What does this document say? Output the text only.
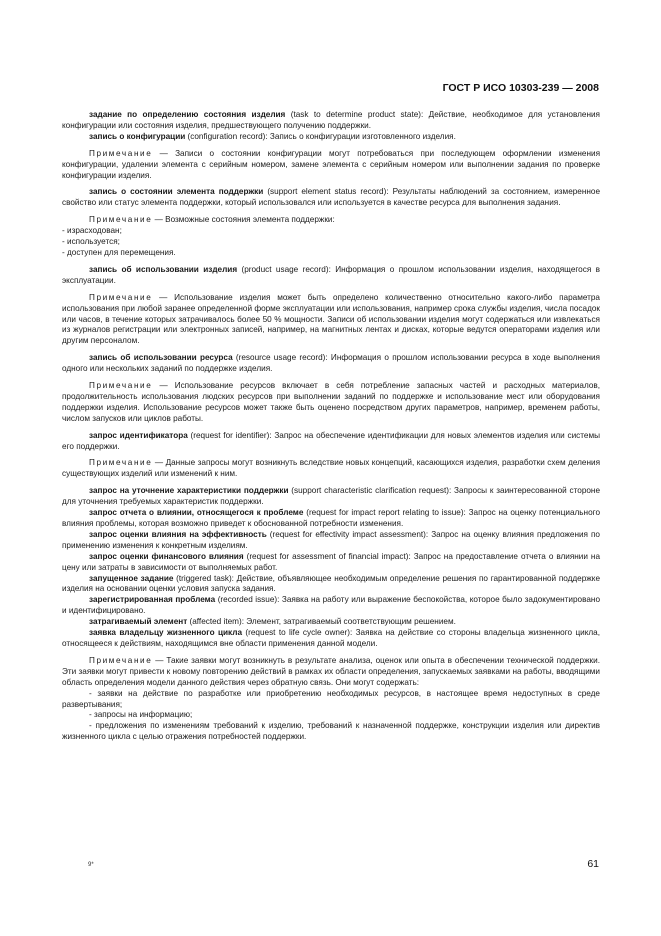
ГОСТ Р ИСО 10303-239 — 2008

задание по определению состояния изделия (task to determine product state): Действие, необходимое для установления конфигурации или состояния изделия, предшествующего получению поддержки.

запись о конфигурации (configuration record): Запись о конфигурации изготовленного изделия.

Примечание — Записи о состоянии конфигурации могут потребоваться при последующем оформлении изменения конфигурации, удалении элемента с серийным номером, замене элемента с серийным номером или выполнении задания по проверке конфигурации изделия.

запись о состоянии элемента поддержки (support element status record): Результаты наблюдений за состоянием, измеренное свойство или статус элемента поддержки, который использовался или используется в качестве ресурса для выполнения задания.

Примечание — Возможные состояния элемента поддержки:

- израсходован;

- используется;

- доступен для перемещения.

запись об использовании изделия (product usage record): Информация о прошлом использовании изделия, находящегося в эксплуатации.

Примечание — Использование изделия может быть определено количественно относительно какого-либо параметра использования при любой заранее определенной форме эксплуатации или использования, например срока службы изделия, числа посадок или часов, в течение которых затрачивалось более 50 % мощности. Записи об использовании изделия могут содержаться или извлекаться из журналов регистрации или электронных записей, например, на магнитных лентах и дисках, которые ведутся операторами изделия или другим персоналом.

запись об использовании ресурса (resource usage record): Информация о прошлом использовании ресурса в ходе выполнения одного или нескольких заданий по поддержке изделия.

Примечание — Использование ресурсов включает в себя потребление запасных частей и расходных материалов, продолжительность использования людских ресурсов при выполнении заданий по поддержке и использование мест или оборудования поддержки изделия. Использование ресурсов может также быть оценено посредством других параметров, например, временем работы, числом запусков или циклов работы.

запрос идентификатора (request for identifier): Запрос на обеспечение идентификации для новых элементов изделия или системы его поддержки.

Примечание — Данные запросы могут возникнуть вследствие новых концепций, касающихся изделия, разработки схем деления существующих изделий или изменений к ним.

запрос на уточнение характеристики поддержки (support characteristic clarification request): Запросы к заинтересованной стороне для уточнения требуемых характеристик поддержки.

запрос отчета о влиянии, относящегося к проблеме (request for impact report relating to issue): Запрос на оценку потенциального влияния проблемы, которая возможно приведет к обоснованной потребности изменения.

запрос оценки влияния на эффективность (request for effectivity impact assessment): Запрос на оценку влияния предложения по применению изменения к конкретным изделиям.

запрос оценки финансового влияния (request for assessment of financial impact): Запрос на предоставление отчета о влиянии на цену или затраты в зависимости от выполняемых работ.

запущенное задание (triggered task): Действие, объявляющее необходимым определение решения по гарантированной поддержке изделия на основании оценки условия запуска задания.

зарегистрированная проблема (recorded issue): Заявка на работу или выражение беспокойства, которое было задокументировано и идентифицировано.

затрагиваемый элемент (affected item): Элемент, затрагиваемый соответствующим решением.

заявка владельцу жизненного цикла (request to life cycle owner): Заявка на действие со стороны владельца жизненного цикла, относящееся к действиям, находящимся вне области применения данной модели.

Примечание — Такие заявки могут возникнуть в результате анализа, оценок или опыта в обеспечении технической поддержки. Эти заявки могут привести к новому повторению действий в рамках их области определения, запускаемых заявками на работы, вводящими область определения модели данного действия через обратную связь. Они могут содержать:

- заявки на действие по разработке или приобретению необходимых ресурсов, в настоящее время недоступных в среде развертывания;

- запросы на информацию;

- предложения по изменениям требований к изделию, требований к назначенной поддержке, конструкции изделия или директив жизненного цикла с целью отражения потребностей поддержки.

9*	61
